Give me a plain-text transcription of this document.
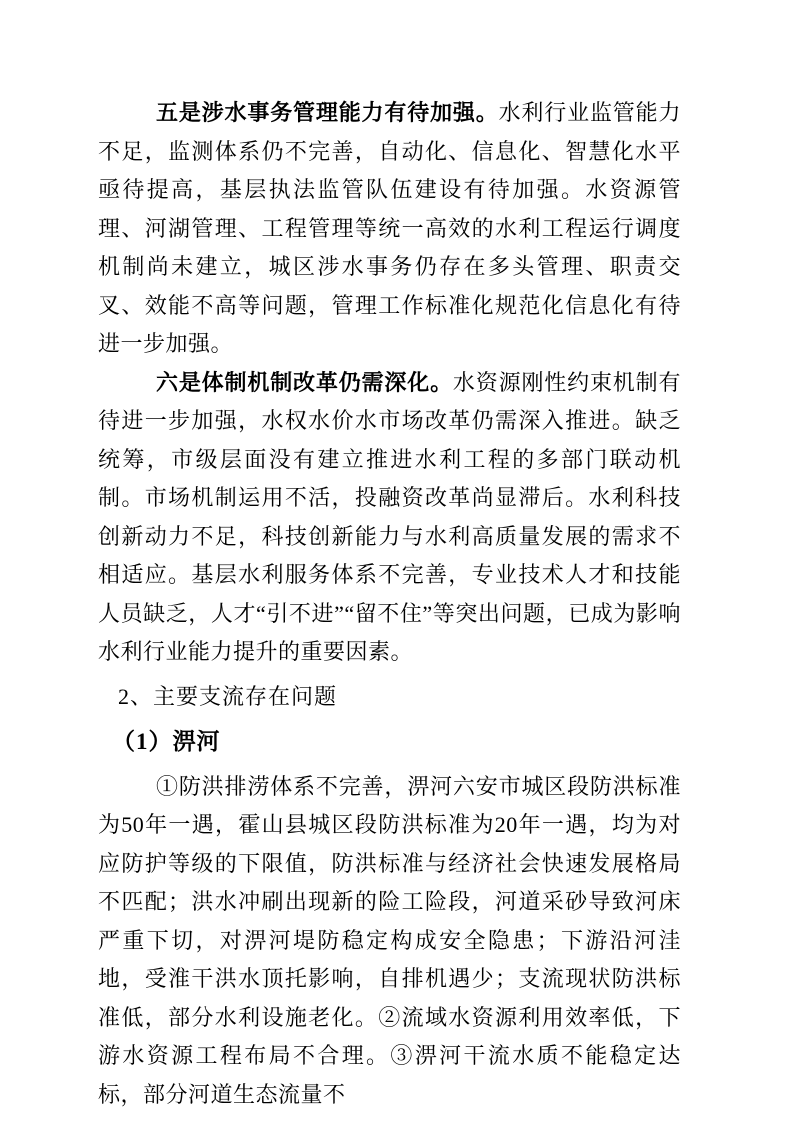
五是涉水事务管理能力有待加强。水利行业监管能力不足，监测体系仍不完善，自动化、信息化、智慧化水平亟待提高，基层执法监管队伍建设有待加强。水资源管理、河湖管理、工程管理等统一高效的水利工程运行调度机制尚未建立，城区涉水事务仍存在多头管理、职责交叉、效能不高等问题，管理工作标准化规范化信息化有待进一步加强。

六是体制机制改革仍需深化。水资源刚性约束机制有待进一步加强，水权水价水市场改革仍需深入推进。缺乏统筹，市级层面没有建立推进水利工程的多部门联动机制。市场机制运用不活，投融资改革尚显滞后。水利科技创新动力不足，科技创新能力与水利高质量发展的需求不相适应。基层水利服务体系不完善，专业技术人才和技能人员缺乏，人才“引不进”“留不住”等突出问题，已成为影响水利行业能力提升的重要因素。

2、主要支流存在问题
（1）淠河

①防洪排涝体系不完善，淠河六安市城区段防洪标准为50年一遇，霍山县城区段防洪标准为20年一遇，均为对应防护等级的下限值，防洪标准与经济社会快速发展格局不匹配；洪水冲刷出现新的险工险段，河道采砂导致河床严重下切，对淠河堤防稳定构成安全隐患；下游沿河洼地，受淮干洪水顶托影响，自排机遇少；支流现状防洪标准低，部分水利设施老化。②流域水资源利用效率低，下游水资源工程布局不合理。③淠河干流水质不能稳定达标，部分河道生态流量不
